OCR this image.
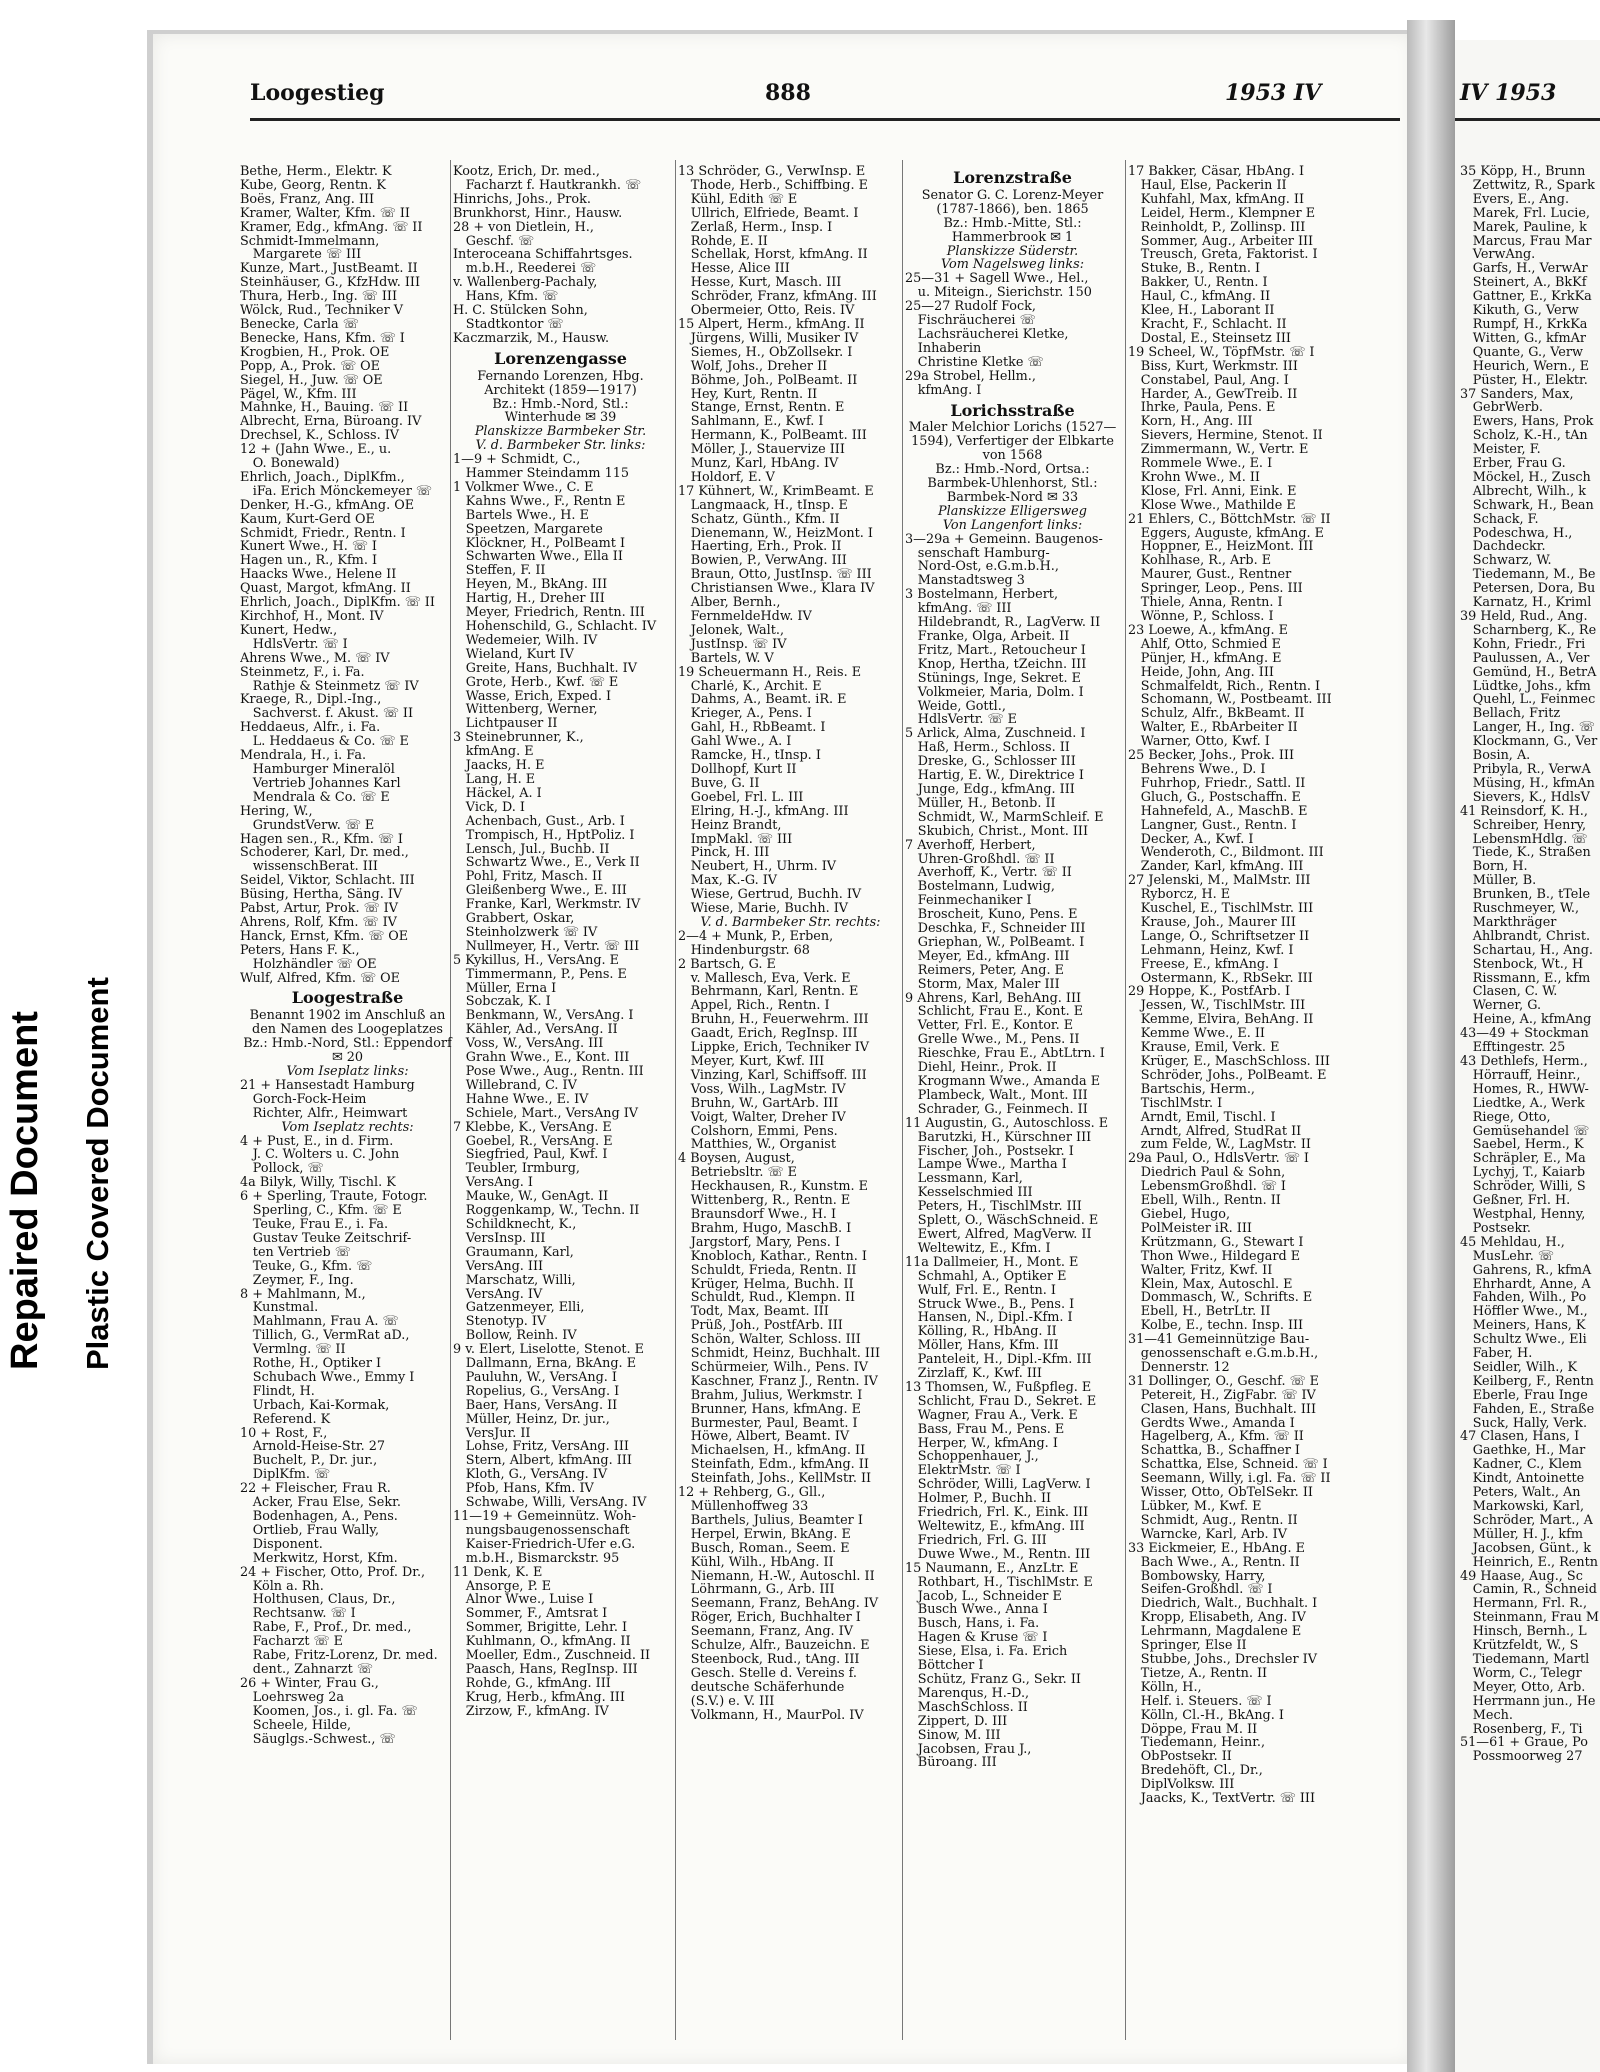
Repaired Document Plastic Covered Document
Loogestieg	888	1953 IV	IV 1953
Bethe, Herm., Elektr. K
Kube, Georg, Rentn. K
Boës, Franz, Ang. III
Kramer, Walter, Kfm. ☏ II
Kramer, Edg., kfmAng. ☏ II
Schmidt-Immelmann,
 Margarete ☏ III
Kunze, Mart., JustBeamt. II
Steinhäuser, G., KfzHdw. III
Thura, Herb., Ing. ☏ III
Wölck, Rud., Techniker V
Benecke, Carla ☏
Benecke, Hans, Kfm. ☏ I
Krogbien, H., Prok. OE
Popp, A., Prok. ☏ OE
Siegel, H., Juw. ☏ OE
Pägel, W., Kfm. III
Mahnke, H., Bauing. ☏ II
Albrecht, Erna, Büroang. IV
Drechsel, K., Schloss. IV
12 + (Jahn Wwe., E., u.
 O. Bonewald)
Ehrlich, Joach., DiplKfm.,
 iFa. Erich Mönckemeyer ☏
Denker, H.-G., kfmAng. OE
Kaum, Kurt-Gerd OE
Schmidt, Friedr., Rentn. I
Kunert Wwe., H. ☏ I
Hagen un., R., Kfm. I
Haacks Wwe., Helene II
Quast, Margot, kfmAng. II
Ehrlich, Joach., DiplKfm. ☏ II
Kirchhof, H., Mont. IV
Kunert, Hedw.,
 HdlsVertr. ☏ I
Ahrens Wwe., M. ☏ IV
Steinmetz, F., i. Fa.
 Rathje & Steinmetz ☏ IV
Kraege, R., Dipl.-Ing.,
 Sachverst. f. Akust. ☏ II
Heddaeus, Alfr., i. Fa.
 L. Heddaeus & Co. ☏ E
Mendrala, H., i. Fa.
 Hamburger Mineralöl
 Vertrieb Johannes Karl
 Mendrala & Co. ☏ E
Hering, W.,
 GrundstVerw. ☏ E
Hagen sen., R., Kfm. ☏ I
Schoderer, Karl, Dr. med.,
 wissenschBerat. III
Seidel, Viktor, Schlacht. III
Büsing, Hertha, Säng. IV
Pabst, Artur, Prok. ☏ IV
Ahrens, Rolf, Kfm. ☏ IV
Hanck, Ernst, Kfm. ☏ OE
Peters, Hans F. K.,
 Holzhändler ☏ OE
Wulf, Alfred, Kfm. ☏ OE
Loogestraße
Benannt 1902 im Anschluß an den Namen des Loogeplatzes
Bz.: Hmb.-Nord, Stl.: Eppendorf ✉ 20
Vom Iseplatz links:
21 + Hansestadt Hamburg
 Gorch-Fock-Heim
 Richter, Alfr., Heimwart
Vom Iseplatz rechts:
4 + Pust, E., in d. Firm.
 J. C. Wolters u. C. John
 Pollock, ☏
4a Bilyk, Willy, Tischl. K
6 + Sperling, Traute, Fotogr.
 Sperling, C., Kfm. ☏ E
 Teuke, Frau E., i. Fa.
 Gustav Teuke Zeitschrif-
 ten Vertrieb ☏
 Teuke, G., Kfm. ☏
 Zeymer, F., Ing.
8 + Mahlmann, M.,
 Kunstmal.
 Mahlmann, Frau A. ☏
 Tillich, G., VermRat aD.,
 Vermlng. ☏ II
 Rothe, H., Optiker I
 Schubach Wwe., Emmy I
 Flindt, H.
 Urbach, Kai-Kormak,
 Referend. K
10 + Rost, F.,
 Arnold-Heise-Str. 27
 Buchelt, P., Dr. jur.,
 DiplKfm. ☏
22 + Fleischer, Frau R.
 Acker, Frau Else, Sekr.
 Bodenhagen, A., Pens.
 Ortlieb, Frau Wally,
 Disponent.
 Merkwitz, Horst, Kfm.
24 + Fischer, Otto, Prof. Dr.,
 Köln a. Rh.
 Holthusen, Claus, Dr.,
 Rechtsanw. ☏ I
 Rabe, F., Prof., Dr. med.,
 Facharzt ☏ E
 Rabe, Fritz-Lorenz, Dr. med.
 dent., Zahnarzt ☏
26 + Winter, Frau G.,
 Loehrsweg 2a
 Koomen, Jos., i. gl. Fa. ☏
 Scheele, Hilde,
 Säuglgs.-Schwest., ☏
Kootz, Erich, Dr. med.,
 Facharzt f. Hautkrankh. ☏
Hinrichs, Johs., Prok.
Brunkhorst, Hinr., Hausw.
28 + von Dietlein, H.,
 Geschf. ☏
Interoceana Schiffahrtsges.
 m.b.H., Reederei ☏
v. Wallenberg-Pachaly,
 Hans, Kfm. ☏
H. C. Stülcken Sohn,
 Stadtkontor ☏
Kaczmarzik, M., Hausw.
Lorenzengasse
Fernando Lorenzen, Hbg. Architekt (1859—1917)
Bz.: Hmb.-Nord, Stl.: Winterhude ✉ 39
Planskizze Barmbeker Str.
V. d. Barmbeker Str. links:
1—9 + Schmidt, C.,
 Hammer Steindamm 115
1 Volkmer Wwe., C. E
 Kahns Wwe., F., Rentn E
 Bartels Wwe., H. E
 Speetzen, Margarete
 Klöckner, H., PolBeamt I
 Schwarten Wwe., Ella II
 Steffen, F. II
 Heyen, M., BkAng. III
 Hartig, H., Dreher III
 Meyer, Friedrich, Rentn. III
 Hohenschild, G., Schlacht. IV
 Wedemeier, Wilh. IV
 Wieland, Kurt IV
 Greite, Hans, Buchhalt. IV
 Grote, Herb., Kwf. ☏ E
 Wasse, Erich, Exped. I
 Wittenberg, Werner,
 Lichtpauser II
3 Steinebrunner, K.,
 kfmAng. E
 Jaacks, H. E
 Lang, H. E
 Häckel, A. I
 Vick, D. I
 Achenbach, Gust., Arb. I
 Trompisch, H., HptPoliz. I
 Lensch, Jul., Buchb. II
 Schwartz Wwe., E., Verk II
 Pohl, Fritz, Masch. II
 Gleißenberg Wwe., E. III
 Franke, Karl, Werkmstr. IV
 Grabbert, Oskar,
 Steinholzwerk ☏ IV
 Nullmeyer, H., Vertr. ☏ III
5 Kykillus, H., VersAng. E
 Timmermann, P., Pens. E
 Müller, Erna I
 Sobczak, K. I
 Benkmann, W., VersAng. I
 Kähler, Ad., VersAng. II
 Voss, W., VersAng. III
 Grahn Wwe., E., Kont. III
 Pose Wwe., Aug., Rentn. III
 Willebrand, C. IV
 Hahne Wwe., E. IV
 Schiele, Mart., VersAng IV
7 Klebbe, K., VersAng. E
 Goebel, R., VersAng. E
 Siegfried, Paul, Kwf. I
 Teubler, Irmburg,
 VersAng. I
 Mauke, W., GenAgt. II
 Roggenkamp, W., Techn. II
 Schildknecht, K.,
 VersInsp. III
 Graumann, Karl,
 VersAng. III
 Marschatz, Willi,
 VersAng. IV
 Gatzenmeyer, Elli,
 Stenotyp. IV
 Bollow, Reinh. IV
9 v. Elert, Liselotte, Stenot. E
 Dallmann, Erna, BkAng. E
 Pauluhn, W., VersAng. I
 Ropelius, G., VersAng. I
 Baer, Hans, VersAng. II
 Müller, Heinz, Dr. jur.,
 VersJur. II
 Lohse, Fritz, VersAng. III
 Stern, Albert, kfmAng. III
 Kloth, G., VersAng. IV
 Pfob, Hans, Kfm. IV
 Schwabe, Willi, VersAng. IV
11—19 + Gemeinnütz. Woh-
 nungsbaugenossenschaft
 Kaiser-Friedrich-Ufer e.G.
 m.b.H., Bismarckstr. 95
11 Denk, K. E
 Ansorge, P. E
 Alnor Wwe., Luise I
 Sommer, F., Amtsrat I
 Sommer, Brigitte, Lehr. I
 Kuhlmann, O., kfmAng. II
 Moeller, Edm., Zuschneid. II
 Paasch, Hans, RegInsp. III
 Rohde, G., kfmAng. III
 Krug, Herb., kfmAng. III
 Zirzow, F., kfmAng. IV
13 Schröder, G., VerwInsp. E
 Thode, Herb., Schiffbing. E
 Kühl, Edith ☏ E
 Ullrich, Elfriede, Beamt. I
 Zerlaß, Herm., Insp. I
 Rohde, E. II
 Schellak, Horst, kfmAng. II
 Hesse, Alice III
 Hesse, Kurt, Masch. III
 Schröder, Franz, kfmAng. III
 Obermeier, Otto, Reis. IV
15 Alpert, Herm., kfmAng. II
 Jürgens, Willi, Musiker IV
 Siemes, H., ObZollsekr. I
 Wolf, Johs., Dreher II
 Böhme, Joh., PolBeamt. II
 Hey, Kurt, Rentn. II
 Stange, Ernst, Rentn. E
 Sahlmann, E., Kwf. I
 Hermann, K., PolBeamt. III
 Möller, J., Stauervize III
 Munz, Karl, HbAng. IV
 Holdorf, E. V
17 Kühnert, W., KrimBeamt. E
 Langmaack, H., tInsp. E
 Schatz, Günth., Kfm. II
 Dienemann, W., HeizMont. I
 Haerting, Erh., Prok. II
 Bowien, P., VerwAng. III
 Braun, Otto, JustInsp. ☏ III
 Christiansen Wwe., Klara IV
 Alber, Bernh.,
 FernmeldeHdw. IV
 Jelonek, Walt.,
 JustInsp. ☏ IV
 Bartels, W. V
19 Scheuermann H., Reis. E
 Charlé, K., Archit. E
 Dahms, A., Beamt. iR. E
 Krieger, A., Pens. I
 Gahl, H., RbBeamt. I
 Gahl Wwe., A. I
 Ramcke, H., tInsp. I
 Dollhopf, Kurt II
 Buve, G. II
 Goebel, Frl. L. III
 Elring, H.-J., kfmAng. III
 Heinz Brandt,
 ImpMakl. ☏ III
 Pinck, H. III
 Neubert, H., Uhrm. IV
 Max, K.-G. IV
 Wiese, Gertrud, Buchh. IV
 Wiese, Marie, Buchh. IV
V. d. Barmbeker Str. rechts:
2—4 + Munk, P., Erben,
 Hindenburgstr. 68
2 Bartsch, G. E
 v. Mallesch, Eva, Verk. E
 Behrmann, Karl, Rentn. E
 Appel, Rich., Rentn. I
 Bruhn, H., Feuerwehrm. III
 Gaadt, Erich, RegInsp. III
 Lippke, Erich, Techniker IV
 Meyer, Kurt, Kwf. III
 Vinzing, Karl, Schiffsoff. III
 Voss, Wilh., LagMstr. IV
 Bruhn, W., GartArb. III
 Voigt, Walter, Dreher IV
 Colshorn, Emmi, Pens.
 Matthies, W., Organist
4 Boysen, August,
 Betriebsltr. ☏ E
 Heckhausen, R., Kunstm. E
 Wittenberg, R., Rentn. E
 Braunsdorf Wwe., H. I
 Brahm, Hugo, MaschB. I
 Jargstorf, Mary, Pens. I
 Knobloch, Kathar., Rentn. I
 Schuldt, Frieda, Rentn. II
 Krüger, Helma, Buchh. II
 Schuldt, Rud., Klempn. II
 Todt, Max, Beamt. III
 Prüß, Joh., PostfArb. III
 Schön, Walter, Schloss. III
 Schmidt, Heinz, Buchhalt. III
 Schürmeier, Wilh., Pens. IV
 Kaschner, Franz J., Rentn. IV
 Brahm, Julius, Werkmstr. I
 Brunner, Hans, kfmAng. E
 Burmester, Paul, Beamt. I
 Höwe, Albert, Beamt. IV
 Michaelsen, H., kfmAng. II
 Steinfath, Edm., kfmAng. II
 Steinfath, Johs., KellMstr. II
12 + Rehberg, G., Gll.,
 Müllenhoffweg 33
 Barthels, Julius, Beamter I
 Herpel, Erwin, BkAng. E
 Busch, Roman., Seem. E
 Kühl, Wilh., HbAng. II
 Niemann, H.-W., Autoschl. II
 Löhrmann, G., Arb. III
 Seemann, Franz, BehAng. IV
 Röger, Erich, Buchhalter I
 Seemann, Franz, Ang. IV
 Schulze, Alfr., Bauzeichn. E
 Steenbock, Rud., tAng. III
 Gesch. Stelle d. Vereins f.
 deutsche Schäferhunde
 (S.V.) e. V. III
 Volkmann, H., MaurPol. IV
Lorenzstraße
Senator G. C. Lorenz-Meyer (1787-1866), ben. 1865
Bz.: Hmb.-Mitte, Stl.: Hammerbrook ✉ 1
Planskizze Süderstr.
Vom Nagelsweg links:
25—31 + Sagell Wwe., Hel.,
 u. Miteign., Sierichstr. 150
25—27 Rudolf Fock,
 Fischräucherei ☏
 Lachsräucherei Kletke,
 Inhaberin
 Christine Kletke ☏
29a Strobel, Hellm.,
 kfmAng. I
Lorichsstraße
Maler Melchior Lorichs (1527—1594), Verfertiger der Elbkarte von 1568
Bz.: Hmb.-Nord, Ortsa.: Barmbek-Uhlenhorst, Stl.: Barmbek-Nord ✉ 33
Planskizze Elligersweg
Von Langenfort links:
3—29a + Gemeinn. Baugenos-
 senschaft Hamburg-
 Nord-Ost, e.G.m.b.H.,
 Manstadtsweg 3
3 Bostelmann, Herbert,
 kfmAng. ☏ III
 Hildebrandt, R., LagVerw. II
 Franke, Olga, Arbeit. II
 Fritz, Mart., Retoucheur I
 Knop, Hertha, tZeichn. III
 Stünings, Inge, Sekret. E
 Volkmeier, Maria, Dolm. I
 Weide, Gottl.,
 HdlsVertr. ☏ E
5 Arlick, Alma, Zuschneid. I
 Haß, Herm., Schloss. II
 Dreske, G., Schlosser III
 Hartig, E. W., Direktrice I
 Junge, Edg., kfmAng. III
 Müller, H., Betonb. II
 Schmidt, W., MarmSchleif. E
 Skubich, Christ., Mont. III
7 Averhoff, Herbert,
 Uhren-Großhdl. ☏ II
 Averhoff, K., Vertr. ☏ II
 Bostelmann, Ludwig,
 Feinmechaniker I
 Broscheit, Kuno, Pens. E
 Deschka, F., Schneider III
 Griephan, W., PolBeamt. I
 Meyer, Ed., kfmAng. III
 Reimers, Peter, Ang. E
 Storm, Max, Maler III
9 Ahrens, Karl, BehAng. III
 Schlicht, Frau E., Kont. E
 Vetter, Frl. E., Kontor. E
 Grelle Wwe., M., Pens. II
 Rieschke, Frau E., AbtLtrn. I
 Diehl, Heinr., Prok. II
 Krogmann Wwe., Amanda E
 Plambeck, Walt., Mont. III
 Schrader, G., Feinmech. II
11 Augustin, G., Autoschloss. E
 Barutzki, H., Kürschner III
 Fischer, Joh., Postsekr. I
 Lampe Wwe., Martha I
 Lessmann, Karl,
 Kesselschmied III
 Peters, H., TischlMstr. III
 Splett, O., WäschSchneid. E
 Ewert, Alfred, MagVerw. II
 Weltewitz, E., Kfm. I
11a Dallmeier, H., Mont. E
 Schmahl, A., Optiker E
 Wulf, Frl. E., Rentn. I
 Struck Wwe., B., Pens. I
 Hansen, N., Dipl.-Kfm. I
 Kölling, R., HbAng. II
 Möller, Hans, Kfm. III
 Panteleit, H., Dipl.-Kfm. III
 Zirzlaff, K., Kwf. III
13 Thomsen, W., Fußpfleg. E
 Schlicht, Frau D., Sekret. E
 Wagner, Frau A., Verk. E
 Bass, Frau M., Pens. E
 Herper, W., kfmAng. I
 Schoppenhauer, J.,
 ElektrMstr. ☏ I
 Schröder, Willi, LagVerw. I
 Holmer, P., Buchh. II
 Friedrich, Frl. K., Eink. III
 Weltewitz, E., kfmAng. III
 Friedrich, Frl. G. III
 Duwe Wwe., M., Rentn. III
15 Naumann, E., AnzLtr. E
 Rothbart, H., TischlMstr. E
 Jacob, L., Schneider E
 Busch Wwe., Anna I
 Busch, Hans, i. Fa.
 Hagen & Kruse ☏ I
 Siese, Elsa, i. Fa. Erich
 Böttcher I
 Schütz, Franz G., Sekr. II
 Marenqus, H.-D.,
 MaschSchloss. II
 Zippert, D. III
 Sinow, M. III
 Jacobsen, Frau J.,
 Büroang. III
17 Bakker, Cäsar, HbAng. I
 Haul, Else, Packerin II
 Kuhfahl, Max, kfmAng. II
 Leidel, Herm., Klempner E
 Reinholdt, P., Zollinsp. III
 Sommer, Aug., Arbeiter III
 Treusch, Greta, Faktorist. I
 Stuke, B., Rentn. I
 Bakker, U., Rentn. I
 Haul, C., kfmAng. II
 Klee, H., Laborant II
 Kracht, F., Schlacht. II
 Dostal, E., Steinsetz III
19 Scheel, W., TöpfMstr. ☏ I
 Biss, Kurt, Werkmstr. III
 Constabel, Paul, Ang. I
 Harder, A., GewTreib. II
 Ihrke, Paula, Pens. E
 Korn, H., Ang. III
 Sievers, Hermine, Stenot. II
 Zimmermann, W., Vertr. E
 Rommele Wwe., E. I
 Krohn Wwe., M. II
 Klose, Frl. Anni, Eink. E
 Klose Wwe., Mathilde E
21 Ehlers, C., BöttchMstr. ☏ II
 Eggers, Auguste, kfmAng. E
 Hoppner, E., HeizMont. III
 Kohlhase, R., Arb. E
 Maurer, Gust., Rentner
 Springer, Leop., Pens. III
 Thiele, Anna, Rentn. I
 Wönne, P., Schloss. I
23 Loewe, A., kfmAng. E
 Ahlf, Otto, Schmied E
 Pünjer, H., kfmAng. E
 Heide, John, Ang. III
 Schmalfeldt, Rich., Rentn. I
 Schomann, W., Postbeamt. III
 Schulz, Alfr., BkBeamt. II
 Walter, E., RbArbeiter II
 Warner, Otto, Kwf. I
25 Becker, Johs., Prok. III
 Behrens Wwe., D. I
 Fuhrhop, Friedr., Sattl. II
 Gluch, G., Postschaffn. E
 Hahnefeld, A., MaschB. E
 Langner, Gust., Rentn. I
 Decker, A., Kwf. I
 Wenderoth, C., Bildmont. III
 Zander, Karl, kfmAng. III
27 Jelenski, M., MalMstr. III
 Ryborcz, H. E
 Kuschel, E., TischlMstr. III
 Krause, Joh., Maurer III
 Lange, O., Schriftsetzer II
 Lehmann, Heinz, Kwf. I
 Freese, E., kfmAng. I
 Ostermann, K., RbSekr. III
29 Hoppe, K., PostfArb. I
 Jessen, W., TischlMstr. III
 Kemme, Elvira, BehAng. II
 Kemme Wwe., E. II
 Krause, Emil, Verk. E
 Krüger, E., MaschSchloss. III
 Schröder, Johs., PolBeamt. E
 Bartschis, Herm.,
 TischlMstr. I
 Arndt, Emil, Tischl. I
 Arndt, Alfred, StudRat II
 zum Felde, W., LagMstr. II
29a Paul, O., HdlsVertr. ☏ I
 Diedrich Paul & Sohn,
 LebensmGroßhdl. ☏ I
 Ebell, Wilh., Rentn. II
 Giebel, Hugo,
 PolMeister iR. III
 Krützmann, G., Stewart I
 Thon Wwe., Hildegard E
 Walter, Fritz, Kwf. II
 Klein, Max, Autoschl. E
 Dommasch, W., Schrifts. E
 Ebell, H., BetrLtr. II
 Kolbe, E., techn. Insp. III
31—41 Gemeinnützige Bau-
 genossenschaft e.G.m.b.H.,
 Dennerstr. 12
31 Dollinger, O., Geschf. ☏ E
 Petereit, H., ZigFabr. ☏ IV
 Clasen, Hans, Buchhalt. III
 Gerdts Wwe., Amanda I
 Hagelberg, A., Kfm. ☏ II
 Schattka, B., Schaffner I
 Schattka, Else, Schneid. ☏ I
 Seemann, Willy, i.gl. Fa. ☏ II
 Wisser, Otto, ObTelSekr. II
 Lübker, M., Kwf. E
 Schmidt, Aug., Rentn. II
 Warncke, Karl, Arb. IV
33 Eickmeier, E., HbAng. E
 Bach Wwe., A., Rentn. II
 Bombowsky, Harry,
 Seifen-Großhdl. ☏ I
 Diedrich, Walt., Buchhalt. I
 Kropp, Elisabeth, Ang. IV
 Lehrmann, Magdalene E
 Springer, Else II
 Stubbe, Johs., Drechsler IV
 Tietze, A., Rentn. II
 Kölln, H.,
 Helf. i. Steuers. ☏ I
 Kölln, Cl.-H., BkAng. I
 Döppe, Frau M. II
 Tiedemann, Heinr.,
 ObPostsekr. II
 Bredehöft, Cl., Dr.,
 DiplVolksw. III
 Jaacks, K., TextVertr. ☏ III
35 Köpp, H., Brunn
 Zettwitz, R., Spark
 Evers, E., Ang.
 Marek, Frl. Lucie,
 Marek, Pauline, k
 Marcus, Frau Mar
 VerwAng.
 Garfs, H., VerwAr
 Steinert, A., BkKf
 Gattner, E., KrkKa
 Kikuth, G., Verw
 Rumpf, H., KrkKa
 Witten, G., kfmAr
 Quante, G., Verw
 Heurich, Wern., E
 Püster, H., Elektr.
37 Sanders, Max,
 GebrWerb.
 Ewers, Hans, Prok
 Scholz, K.-H., tAn
 Meister, F.
 Erber, Frau G.
 Möckel, H., Zusch
 Albrecht, Wilh., k
 Schwark, H., Bean
 Schack, F.
 Podeschwa, H.,
 Dachdeckr.
 Schwarz, W.
 Tiedemann, M., Be
 Petersen, Dora, Bu
 Karnatz, H., Kriml
39 Held, Rud., Ang.
 Scharnberg, K., Re
 Kohn, Friedr., Fri
 Paulussen, A., Ver
 Gemünd, H., BetrA
 Lüdtke, Johs., kfm
 Quehl, L., Feinmec
 Bellach, Fritz
 Langer, H., Ing. ☏
 Klockmann, G., Ver
 Bosin, A.
 Pribyla, R., VerwA
 Müsing, H., kfmAn
 Sievers, K., HdlsV
41 Reinsdorf, K. H.,
 Schreiber, Henry,
 LebensmHdlg. ☏
 Tiede, K., Straßen
 Born, H.
 Müller, B.
 Brunken, B., tTele
 Ruschmeyer, W.,
 Markthräger
 Ahlbrandt, Christ.
 Schartau, H., Ang.
 Stenbock, Wt., H
 Rissmann, E., kfm
 Clasen, C. W.
 Werner, G.
 Heine, A., kfmAng
43—49 + Stockman
 Efftingestr. 25
43 Dethlefs, Herm.,
 Hörrauff, Heinr.,
 Homes, R., HWW-
 Liedtke, A., Werk
 Riege, Otto,
 Gemüsehandel ☏
 Saebel, Herm., K
 Schräpler, E., Ma
 Lychyj, T., Kaiarb
 Schröder, Willi, S
 Geßner, Frl. H.
 Westphal, Henny,
 Postsekr.
45 Mehldau, H.,
 MusLehr. ☏
 Gahrens, R., kfmA
 Ehrhardt, Anne, A
 Fahden, Wilh., Po
 Höffler Wwe., M.,
 Meiners, Hans, K
 Schultz Wwe., Eli
 Faber, H.
 Seidler, Wilh., K
 Keilberg, F., Rentn
 Eberle, Frau Inge
 Fahden, E., Straße
 Suck, Hally, Verk.
47 Clasen, Hans, I
 Gaethke, H., Mar
 Kadner, C., Klem
 Kindt, Antoinette
 Peters, Walt., An
 Markowski, Karl,
 Schröder, Mart., A
 Müller, H. J., kfm
 Jacobsen, Günt., k
 Heinrich, E., Rentn
49 Haase, Aug., Sc
 Camin, R., Schneid
 Hermann, Frl. R.,
 Steinmann, Frau M
 Hinsch, Bernh., L
 Krützfeldt, W., S
 Tiedemann, Martl
 Worm, C., Telegr
 Meyer, Otto, Arb.
 Herrmann jun., He
 Mech.
 Rosenberg, F., Ti
51—61 + Graue, Po
 Possmoorweg 27
